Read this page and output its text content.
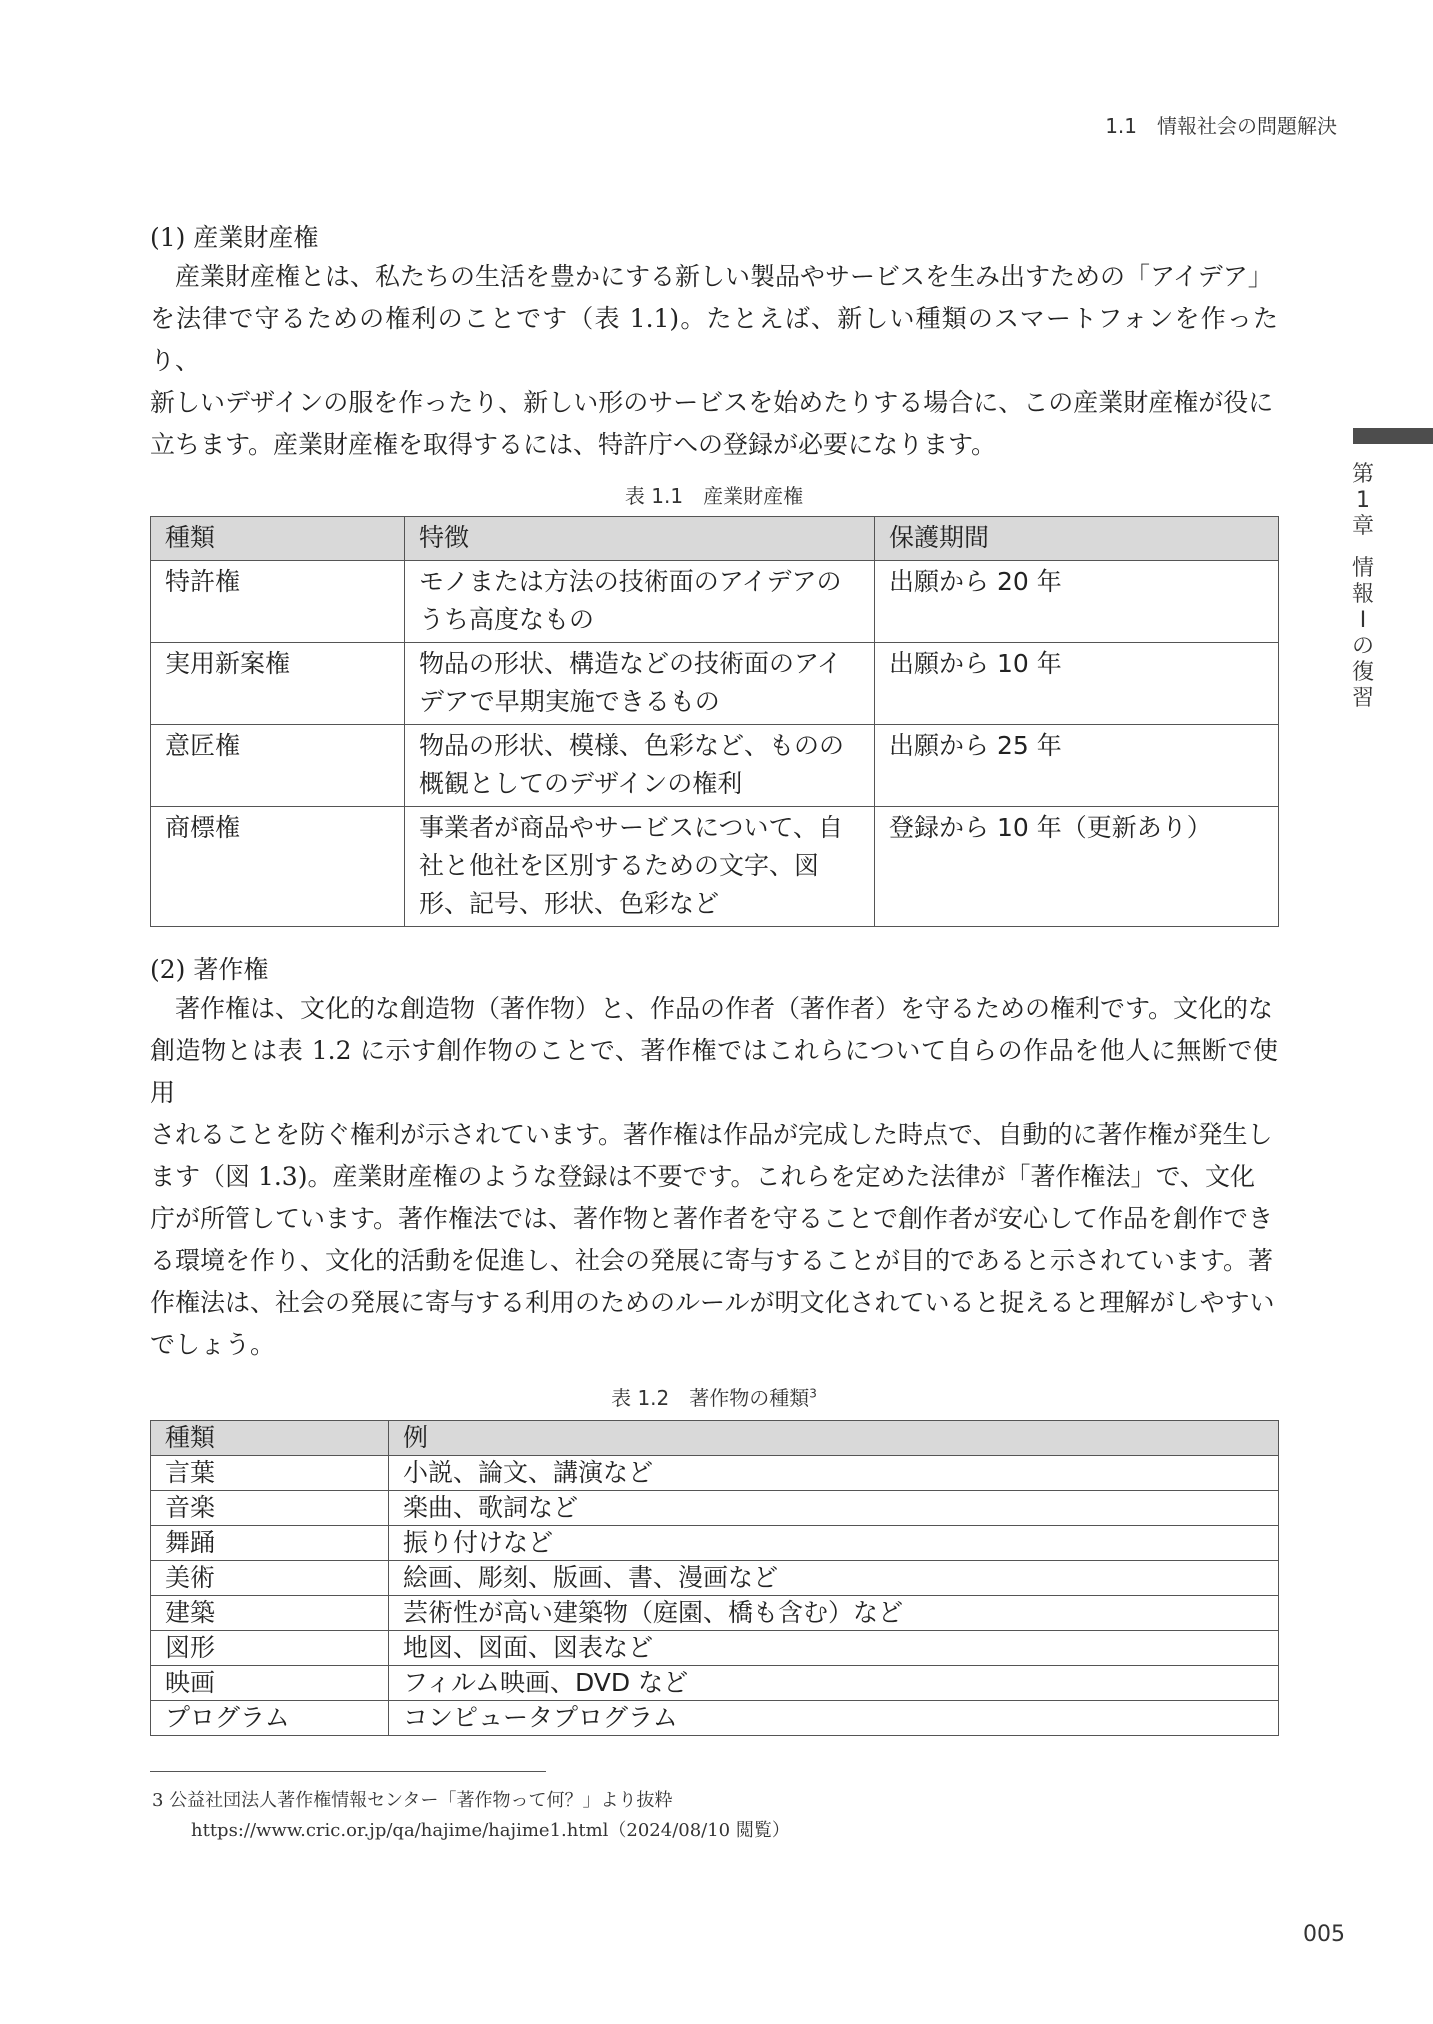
1.1　情報社会の問題解決
第
1
章
情
報
Ⅰ
の
復
習
(1) 産業財産権
産業財産権とは、私たちの生活を豊かにする新しい製品やサービスを生み出すための「アイデア」
を法律で守るための権利のことです（表 1.1)。たとえば、新しい種類のスマートフォンを作ったり、
新しいデザインの服を作ったり、新しい形のサービスを始めたりする場合に、この産業財産権が役に
立ちます。産業財産権を取得するには、特許庁への登録が必要になります。
表 1.1　産業財産権
種類	特徴	保護期間
特許権	モノまたは方法の技術面のアイデアのうち高度なもの	出願から 20 年
実用新案権	物品の形状、構造などの技術面のアイデアで早期実施できるもの	出願から 10 年
意匠権	物品の形状、模様、色彩など、ものの概観としてのデザインの権利	出願から 25 年
商標権	事業者が商品やサービスについて、自社と他社を区別するための文字、図形、記号、形状、色彩など	登録から 10 年（更新あり）
(2) 著作権
著作権は、文化的な創造物（著作物）と、作品の作者（著作者）を守るための権利です。文化的な
創造物とは表 1.2 に示す創作物のことで、著作権ではこれらについて自らの作品を他人に無断で使用
されることを防ぐ権利が示されています。著作権は作品が完成した時点で、自動的に著作権が発生し
ます（図 1.3)。産業財産権のような登録は不要です。これらを定めた法律が「著作権法」で、文化
庁が所管しています。著作権法では、著作物と著作者を守ることで創作者が安心して作品を創作でき
る環境を作り、文化的活動を促進し、社会の発展に寄与することが目的であると示されています。著
作権法は、社会の発展に寄与する利用のためのルールが明文化されていると捉えると理解がしやすい
でしょう。
表 1.2　著作物の種類$^3$
種類	例
言葉	小説、論文、講演など
音楽	楽曲、歌詞など
舞踊	振り付けなど
美術	絵画、彫刻、版画、書、漫画など
建築	芸術性が高い建築物（庭園、橋も含む）など
図形	地図、図面、図表など
映画	フィルム映画、DVD など
プログラム	コンピュータプログラム
3 公益社団法人著作権情報センター「著作物って何？」より抜粋
https://www.cric.or.jp/qa/hajime/hajime1.html（2024/08/10 閲覧）
005
